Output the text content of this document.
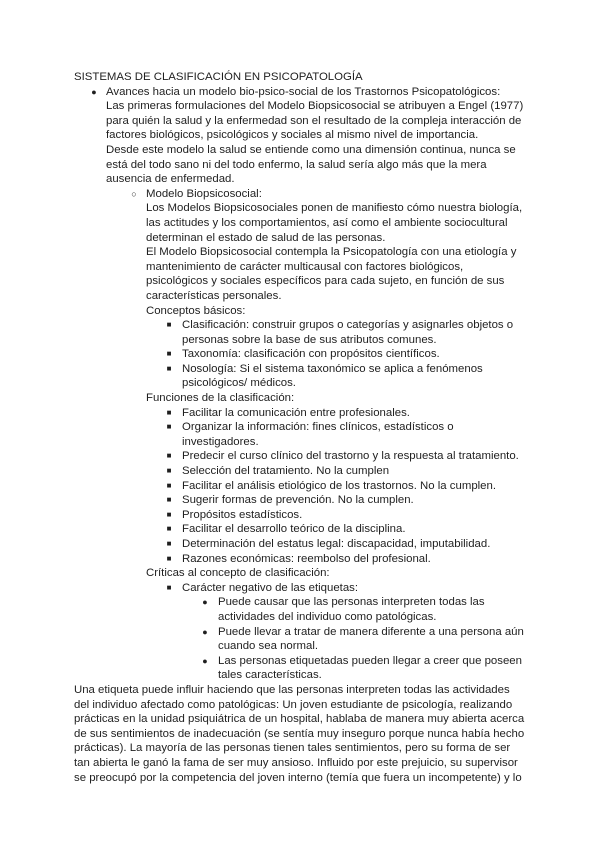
SISTEMAS DE CLASIFICACIÓN EN PSICOPATOLOGÍA

● Avances hacia un modelo bio-psico-social de los Trastornos Psicopatológicos:

Las primeras formulaciones del Modelo Biopsicosocial se atribuyen a Engel (1977) para quién la salud y la enfermedad son el resultado de la compleja interacción de factores biológicos, psicológicos y sociales al mismo nivel de importancia.

Desde este modelo la salud se entiende como una dimensión continua, nunca se está del todo sano ni del todo enfermo, la salud sería algo más que la mera ausencia de enfermedad.

○ Modelo Biopsicosocial:

Los Modelos Biopsicosociales ponen de manifiesto cómo nuestra biología, las actitudes y los comportamientos, así como el ambiente sociocultural determinan el estado de salud de las personas.

El Modelo Biopsicosocial contempla la Psicopatología con una etiología y mantenimiento de carácter multicausal con factores biológicos, psicológicos y sociales específicos para cada sujeto, en función de sus características personales.

Conceptos básicos:

■ Clasificación: construir grupos o categorías y asignarles objetos o personas sobre la base de sus atributos comunes.
■ Taxonomía: clasificación con propósitos científicos.
■ Nosología: Si el sistema taxonómico se aplica a fenómenos psicológicos/ médicos.

Funciones de la clasificación:

■ Facilitar la comunicación entre profesionales.
■ Organizar la información: fines clínicos, estadísticos o investigadores.
■ Predecir el curso clínico del trastorno y la respuesta al tratamiento.
■ Selección del tratamiento. No la cumplen
■ Facilitar el análisis etiológico de los trastornos. No la cumplen.
■ Sugerir formas de prevención. No la cumplen.
■ Propósitos estadísticos.
■ Facilitar el desarrollo teórico de la disciplina.
■ Determinación del estatus legal: discapacidad, imputabilidad.
■ Razones económicas: reembolso del profesional.

Críticas al concepto de clasificación:

■ Carácter negativo de las etiquetas:
● Puede causar que las personas interpreten todas las actividades del individuo como patológicas.
● Puede llevar a tratar de manera diferente a una persona aún cuando sea normal.
● Las personas etiquetadas pueden llegar a creer que poseen tales características.

Una etiqueta puede influir haciendo que las personas interpreten todas las actividades del individuo afectado como patológicas: Un joven estudiante de psicología, realizando prácticas en la unidad psiquiátrica de un hospital, hablaba de manera muy abierta acerca de sus sentimientos de inadecuación (se sentía muy inseguro porque nunca había hecho prácticas). La mayoría de las personas tienen tales sentimientos, pero su forma de ser tan abierta le ganó la fama de ser muy ansioso. Influido por este prejuicio, su supervisor se preocupó por la competencia del joven interno (temía que fuera un incompetente) y lo
